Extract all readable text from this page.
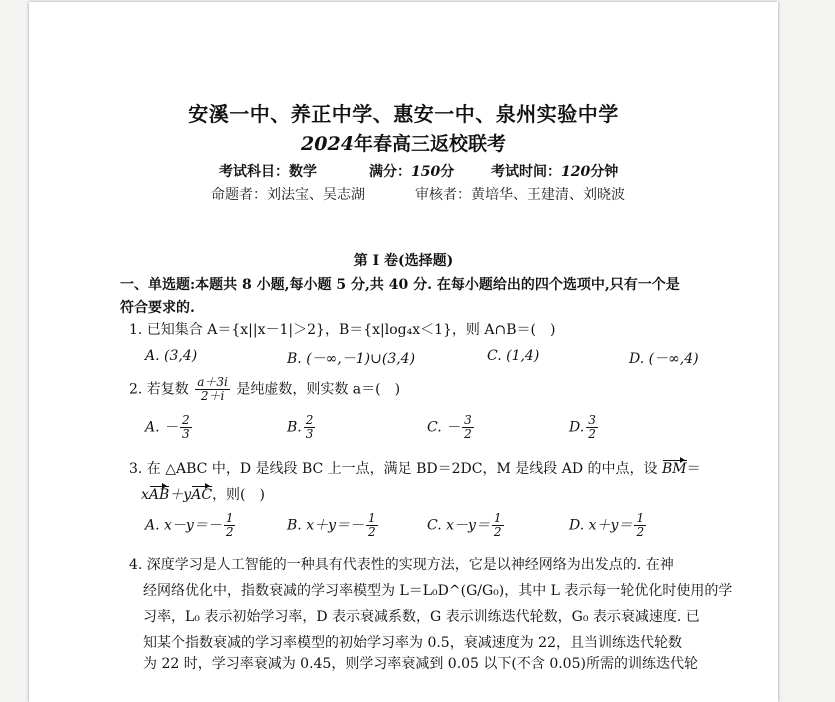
安溪一中、养正中学、惠安一中、泉州实验中学
2024年春高三返校联考
考试科目：数学	满分：150分	考试时间：120分钟
命题者：刘法宝、吴志湖	审核者：黄培华、王建清、刘晓波
第 Ⅰ 卷(选择题)
一、单选题:本题共 8 小题,每小题 5 分,共 40 分. 在每小题给出的四个选项中,只有一个是
符合要求的.
1. 已知集合 A＝{x||x－1|＞2}，B＝{x|log₄x＜1}，则 A∩B＝(　)
A. (3,4)	B. (－∞,－1)∪(3,4)	C. (1,4)	D. (－∞,4)
2. 若复数 $\frac{a+3i}{2+i}$ 是纯虚数，则实数 a＝(　)
A. － $\frac{2}{3}$	B. $\frac{2}{3}$	C. － $\frac{3}{2}$	D. $\frac{3}{2}$
3. 在 △ABC 中，D 是线段 BC 上一点，满足 BD＝2DC，M 是线段 AD 的中点，设 BM＝
xAB＋yAC，则(　)
A. $x-y=- \frac{1}{2}$	B. $x+y=- \frac{1}{2}$	C. $x-y= \frac{1}{2}$	D. $x+y= \frac{1}{2}$
4. 深度学习是人工智能的一种具有代表性的实现方法，它是以神经网络为出发点的. 在神
经网络优化中，指数衰减的学习率模型为 L＝L₀D^(G/G₀)，其中 L 表示每一轮优化时使用的学
习率，L₀ 表示初始学习率，D 表示衰减系数，G 表示训练迭代轮数，G₀ 表示衰减速度. 已
知某个指数衰减的学习率模型的初始学习率为 0.5，衰减速度为 22，且当训练迭代轮数
为 22 时，学习率衰减为 0.45，则学习率衰减到 0.05 以下(不含 0.05)所需的训练迭代轮
